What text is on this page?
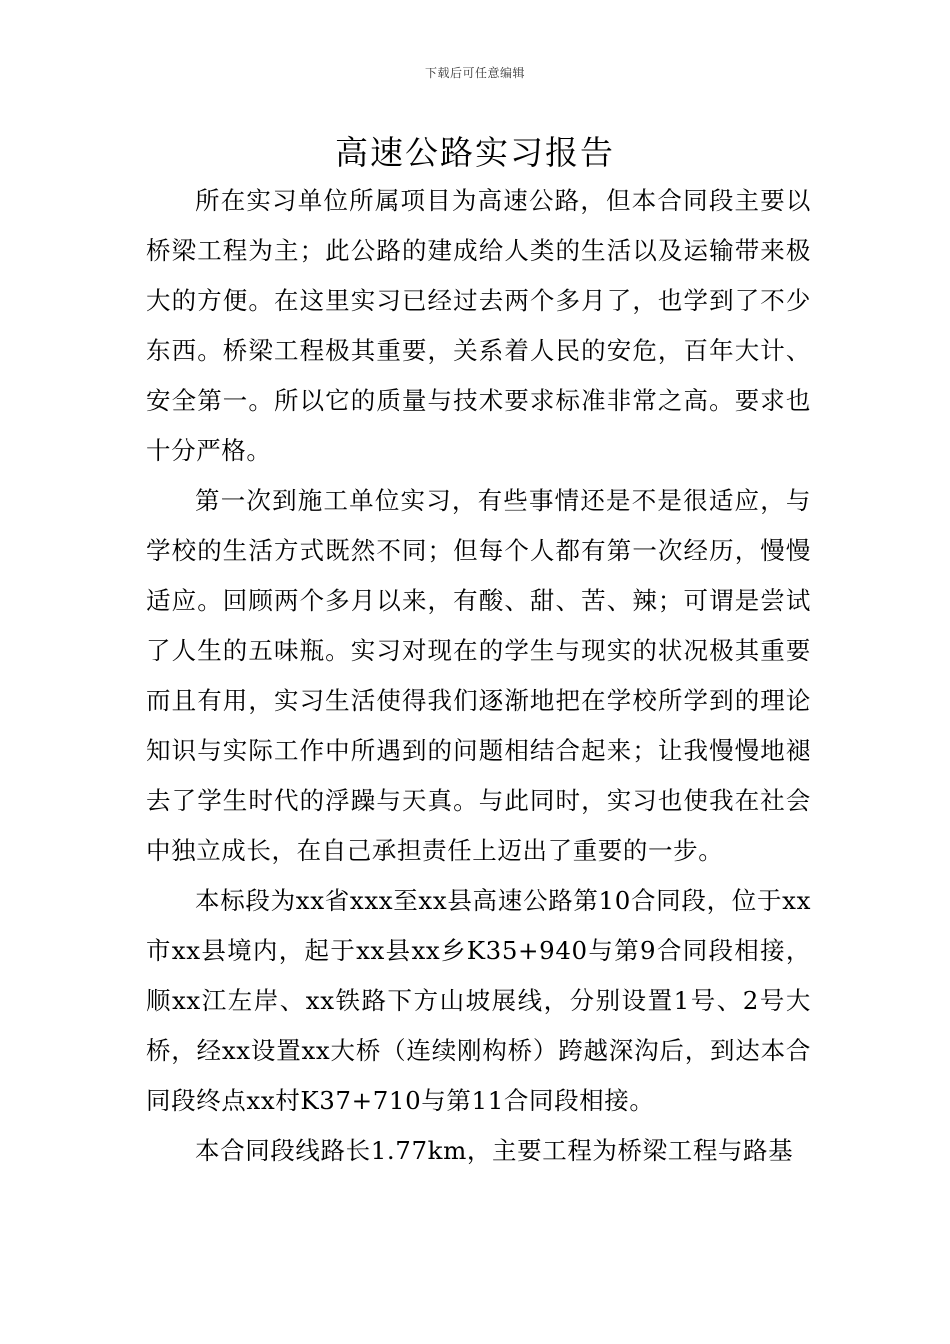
下载后可任意编辑
高速公路实习报告

所在实习单位所属项目为高速公路，但本合同段主要以桥梁工程为主；此公路的建成给人类的生活以及运输带来极大的方便。在这里实习已经过去两个多月了，也学到了不少东西。桥梁工程极其重要，关系着人民的安危，百年大计、安全第一。所以它的质量与技术要求标准非常之高。要求也十分严格。

第一次到施工单位实习，有些事情还是不是很适应，与学校的生活方式既然不同；但每个人都有第一次经历，慢慢适应。回顾两个多月以来，有酸、甜、苦、辣；可谓是尝试了人生的五味瓶。实习对现在的学生与现实的状况极其重要而且有用，实习生活使得我们逐渐地把在学校所学到的理论知识与实际工作中所遇到的问题相结合起来；让我慢慢地褪去了学生时代的浮躁与天真。与此同时，实习也使我在社会中独立成长，在自己承担责任上迈出了重要的一步。

本标段为xx省xxx至xx县高速公路第10合同段，位于xx市xx县境内，起于xx县xx乡K35+940与第9合同段相接，顺xx江左岸、xx铁路下方山坡展线，分别设置1号、2号大桥，经xx设置xx大桥（连续刚构桥）跨越深沟后，到达本合同段终点xx村K37+710与第11合同段相接。

本合同段线路长1.77km，主要工程为桥梁工程与路基
